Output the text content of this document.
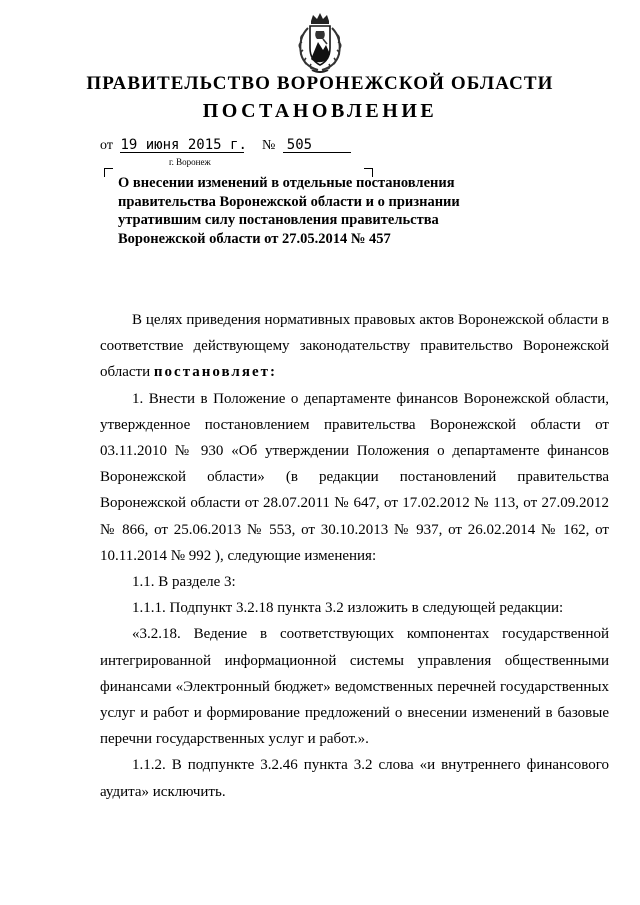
ПРАВИТЕЛЬСТВО ВОРОНЕЖСКОЙ ОБЛАСТИ
ПОСТАНОВЛЕНИЕ
от 19 июня 2015 г. № 505
г. Воронеж
О внесении изменений в отдельные постановления правительства Воронежской области и о признании утратившим силу постановления правительства Воронежской области от 27.05.2014 № 457

В целях приведения нормативных правовых актов Воронежской области в соответствие действующему законодательству правительство Воронежской области постановляет:

1. Внести в Положение о департаменте финансов Воронежской области, утвержденное постановлением правительства Воронежской области от 03.11.2010 № 930 «Об утверждении Положения о департаменте финансов Воронежской области» (в редакции постановлений правительства Воронежской области от 28.07.2011 № 647, от 17.02.2012 № 113, от 27.09.2012 № 866, от 25.06.2013 № 553, от 30.10.2013 № 937, от 26.02.2014 № 162, от 10.11.2014 № 992 ), следующие изменения:

1.1. В разделе 3:

1.1.1. Подпункт 3.2.18 пункта 3.2 изложить в следующей редакции:

«3.2.18. Ведение в соответствующих компонентах государственной интегрированной информационной системы управления общественными финансами «Электронный бюджет» ведомственных перечней государственных услуг и работ и формирование предложений о внесении изменений в базовые перечни государственных услуг и работ.».

1.1.2. В подпункте 3.2.46 пункта 3.2 слова «и внутреннего финансового аудита» исключить.
